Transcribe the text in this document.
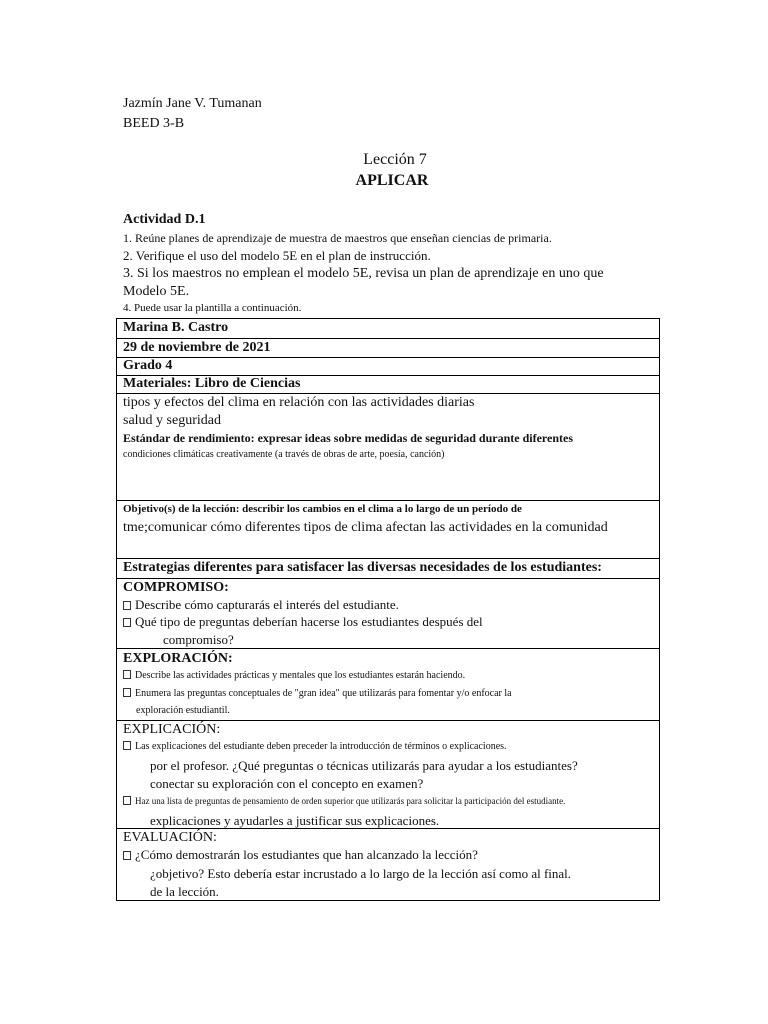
Jazmín Jane V. Tumanan
BEED 3-B
Lección 7
APLICAR
Actividad D.1
1. Reúne planes de aprendizaje de muestra de maestros que enseñan ciencias de primaria.
2. Verifique el uso del modelo 5E en el plan de instrucción.
3. Si los maestros no emplean el modelo 5E, revisa un plan de aprendizaje en uno que
Modelo 5E.
4. Puede usar la plantilla a continuación.
Marina B. Castro
29 de noviembre de 2021
Grado 4
Materiales: Libro de Ciencias
tipos y efectos del clima en relación con las actividades diarias
salud y seguridad
Estándar de rendimiento: expresar ideas sobre medidas de seguridad durante diferentes
condiciones climáticas creativamente (a través de obras de arte, poesía, canción)
Objetivo(s) de la lección: describir los cambios en el clima a lo largo de un período de
tme;comunicar cómo diferentes tipos de clima afectan las actividades en la comunidad
Estrategias diferentes para satisfacer las diversas necesidades de los estudiantes:
COMPROMISO:
Describe cómo capturarás el interés del estudiante.
Qué tipo de preguntas deberían hacerse los estudiantes después del
compromiso?
EXPLORACIÓN:
Describe las actividades prácticas y mentales que los estudiantes estarán haciendo.
Enumera las preguntas conceptuales de "gran idea" que utilizarás para fomentar y/o enfocar la
exploración estudiantil.
EXPLICACIÓN:
Las explicaciones del estudiante deben preceder la introducción de términos o explicaciones.
por el profesor. ¿Qué preguntas o técnicas utilizarás para ayudar a los estudiantes?
conectar su exploración con el concepto en examen?
Haz una lista de preguntas de pensamiento de orden superior que utilizarás para solicitar la participación del estudiante.
explicaciones y ayudarles a justificar sus explicaciones.
EVALUACIÓN:
¿Cómo demostrarán los estudiantes que han alcanzado la lección?
¿objetivo? Esto debería estar incrustado a lo largo de la lección así como al final.
de la lección.
